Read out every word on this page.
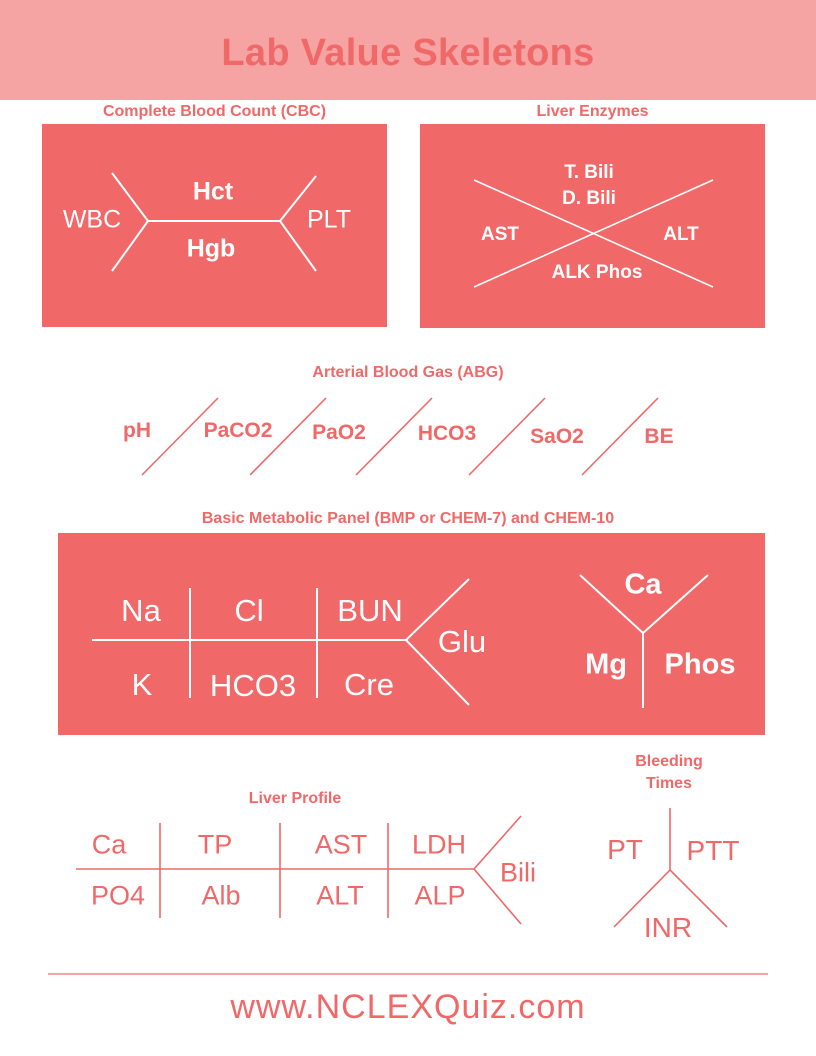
Lab Value Skeletons
Complete Blood Count (CBC)
WBC
Hct
Hgb
PLT
Liver Enzymes
T. Bili
D. Bili
AST	ALT
ALK Phos
Arterial Blood Gas (ABG)
pH	PaCO2 PaO2 HCO3	SaO2	BE
Basic Metabolic Panel (BMP or CHEM-7) and CHEM-10
Na Cl BUN
K HCO3 Cre
Glu
Ca
Mg Phos
Liver Profile
Ca	TP	AST LDH
PO4 Alb	ALT ALP
Bili
Bleeding
Times
PT PTT
INR
www.NCLEXQuiz.com
